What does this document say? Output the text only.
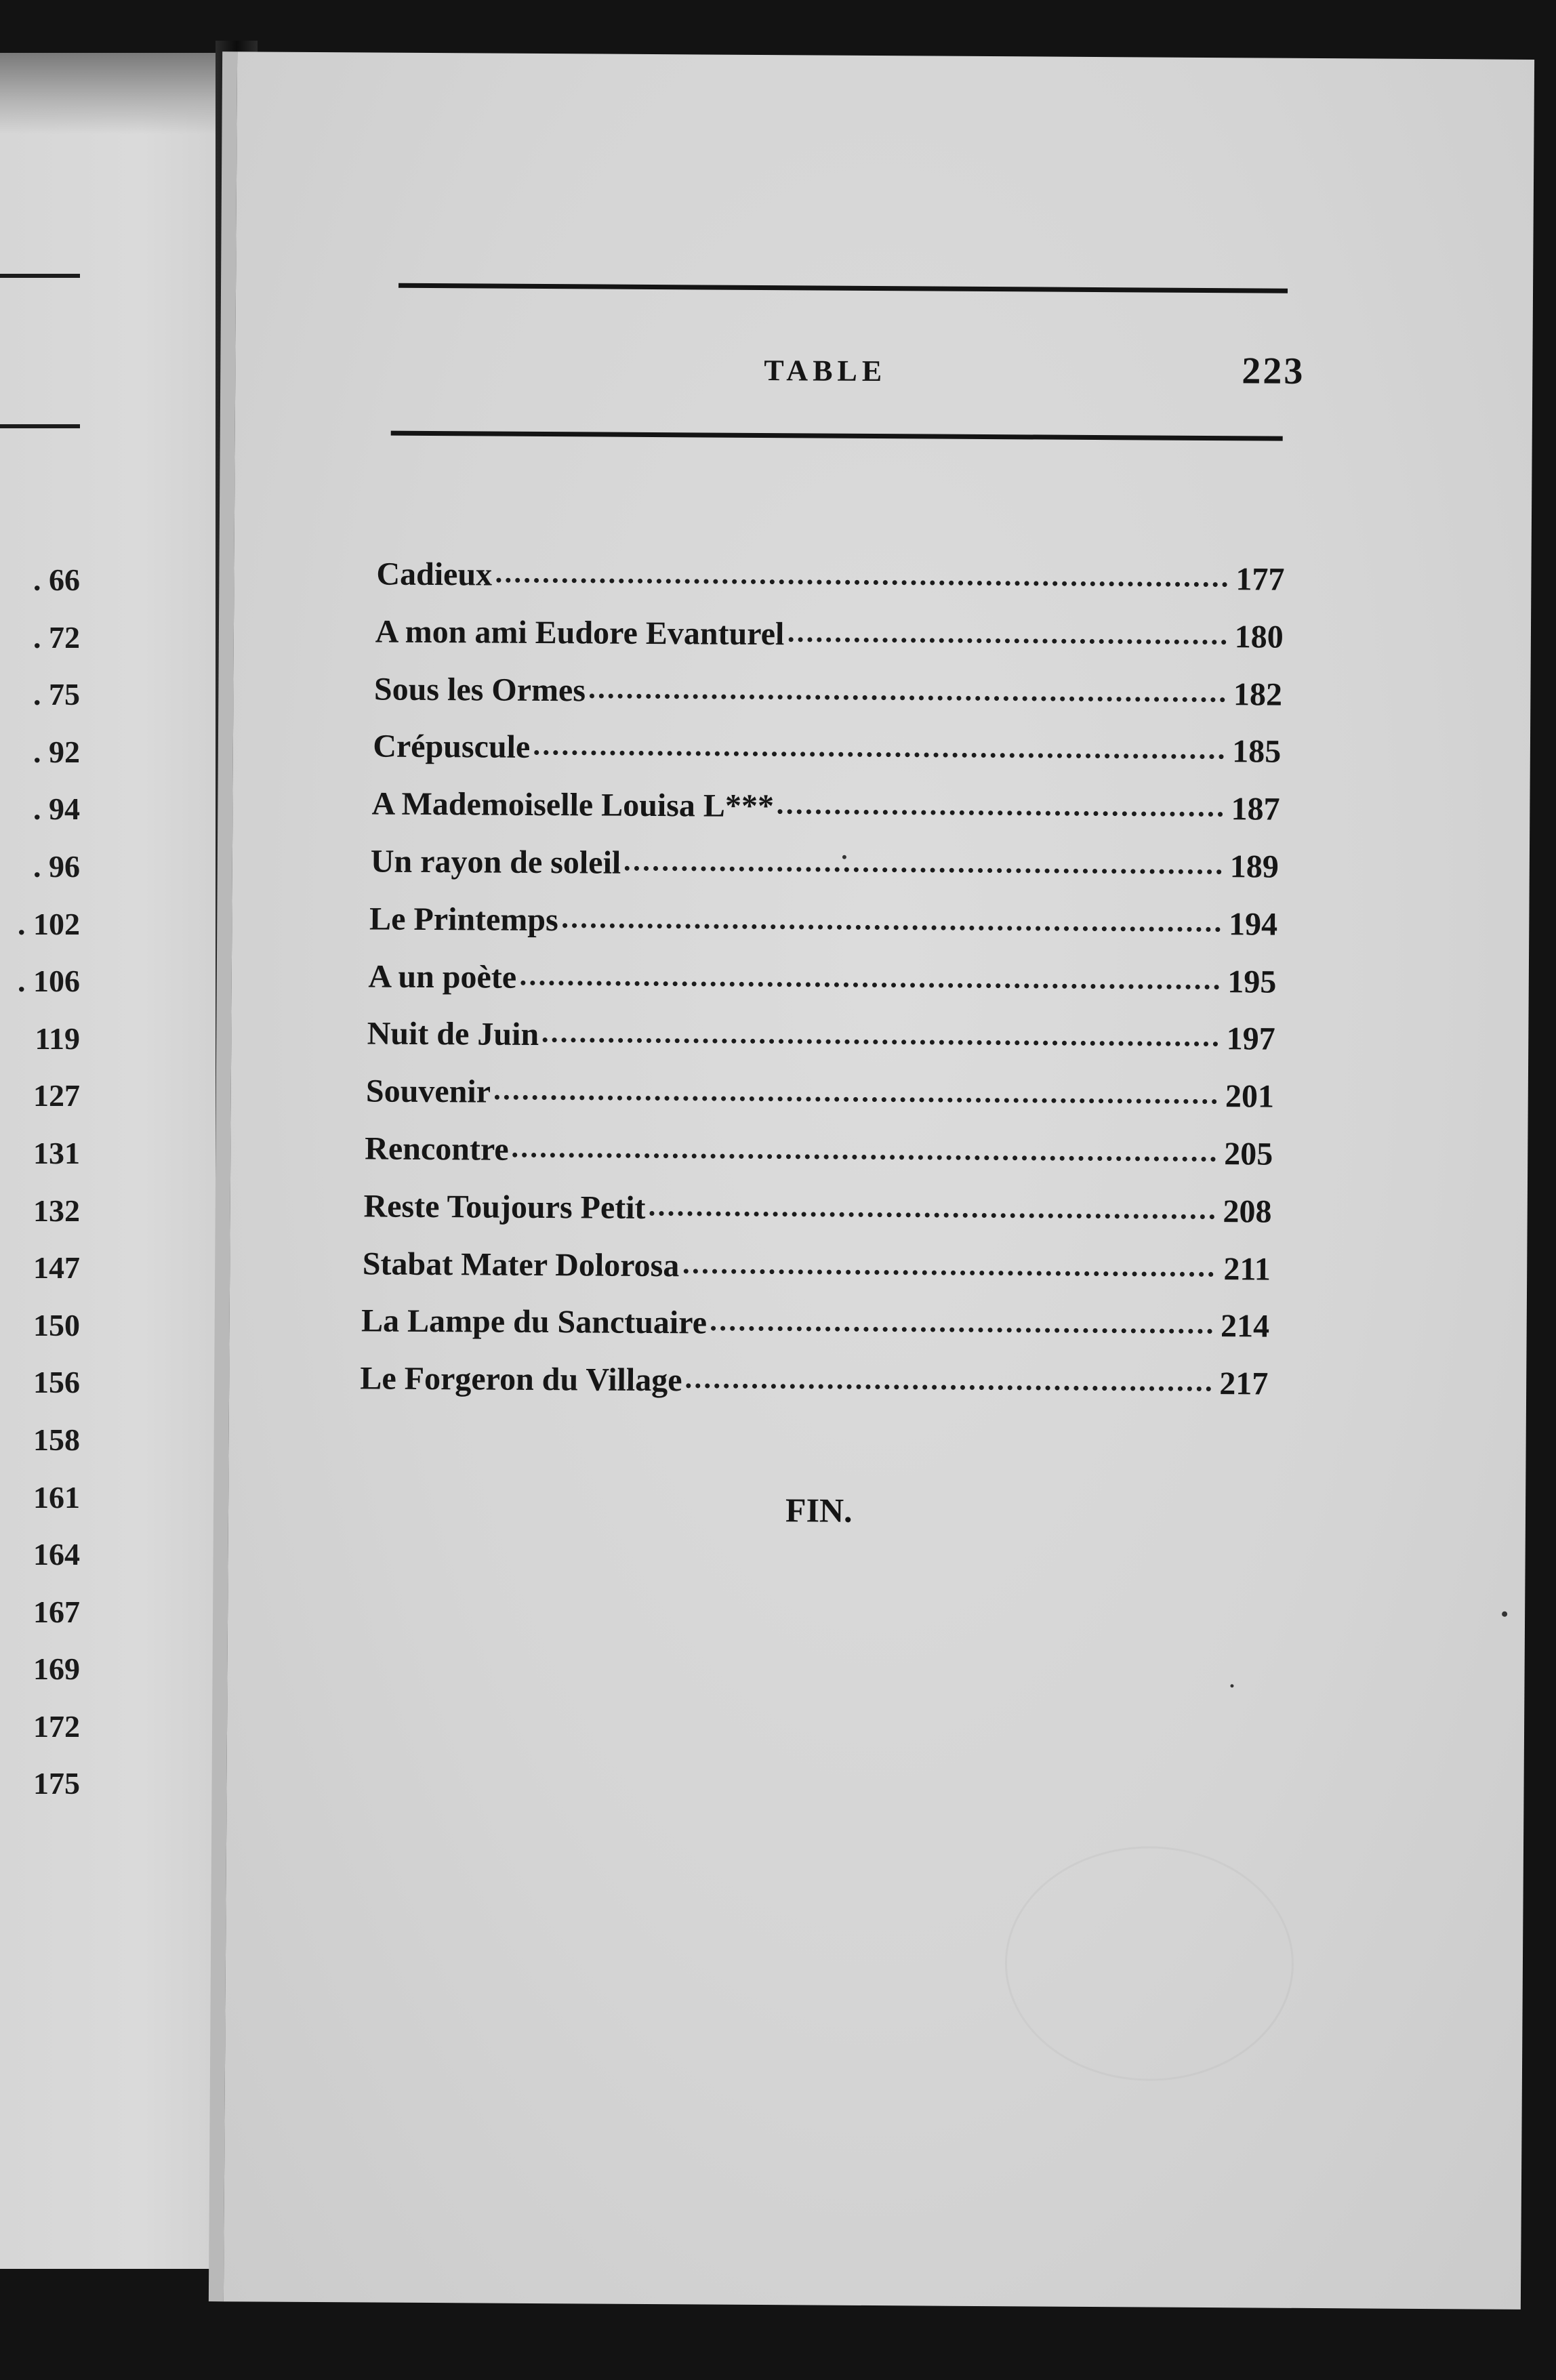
. 66
. 72
. 75
. 92
. 94
. 96
. 102
. 106
119
127
131
132
147
150
156
158
161
164
167
169
172
175
TABLE	223
Cadieux	177
A mon ami Eudore Evanturel	180
Sous les Ormes	182
Crépuscule	185
A Mademoiselle Louisa L***	187
Un rayon de soleil	189
Le Printemps	194
A un poète	195
Nuit de Juin	197
Souvenir	201
Rencontre	205
Reste Toujours Petit	208
Stabat Mater Dolorosa	211
La Lampe du Sanctuaire	214
Le Forgeron du Village	217
FIN.
